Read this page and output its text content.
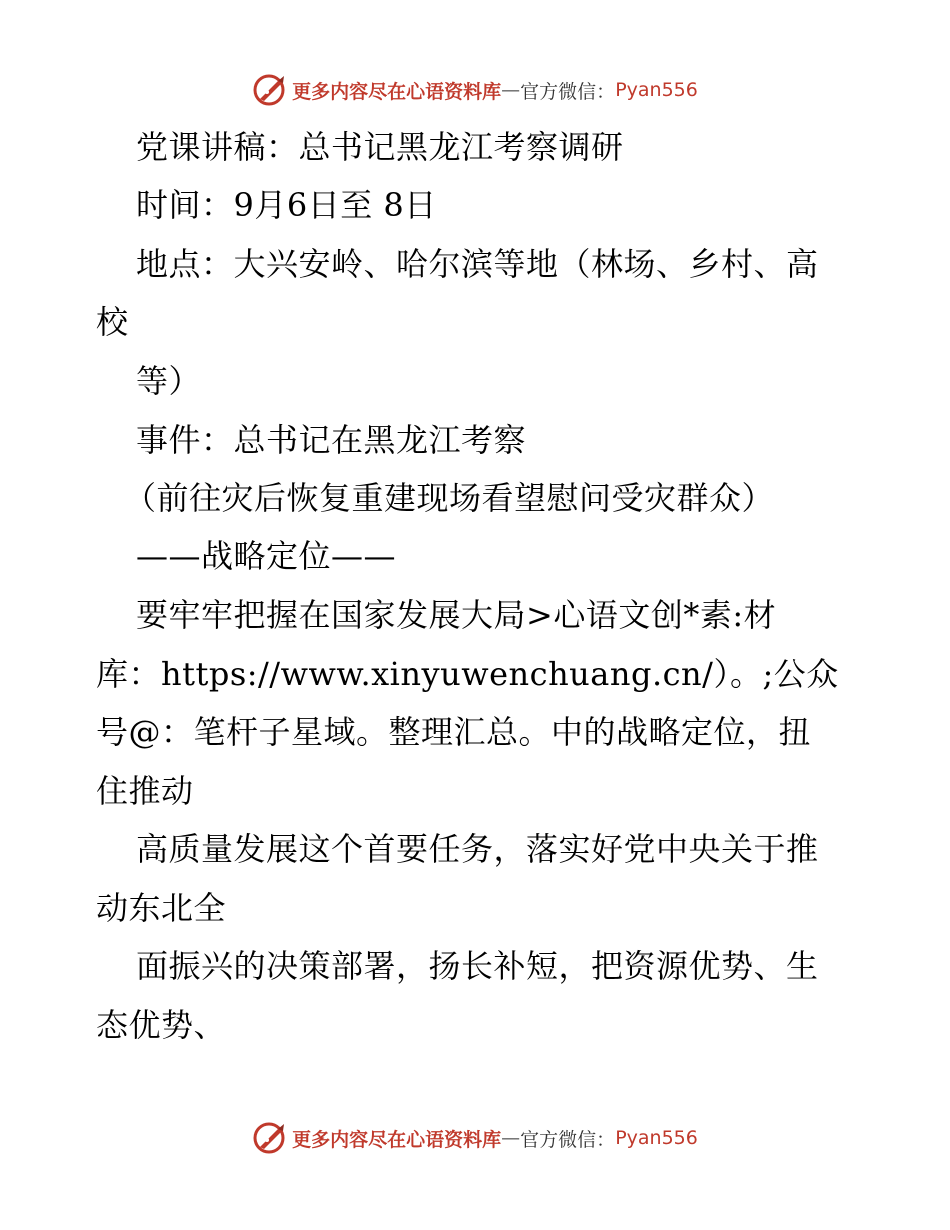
更多内容尽在心语资料库 — 官方微信： Pyan556
党课讲稿：总书记黑龙江考察调研
时间：9月6日至 8日
地点：大兴安岭、哈尔滨等地（林场、乡村、高
校
等）
事件：总书记在黑龙江考察
（前往灾后恢复重建现场看望慰问受灾群众）
——战略定位——
要牢牢把握在国家发展大局>心语文创*素:材
库：https://www.xinyuwenchuang.cn/）。;公众
号@：笔杆子星域。整理汇总。中的战略定位，扭
住推动
高质量发展这个首要任务，落实好党中央关于推
动东北全
面振兴的决策部署，扬长补短，把资源优势、生
态优势、
更多内容尽在心语资料库 — 官方微信： Pyan556
